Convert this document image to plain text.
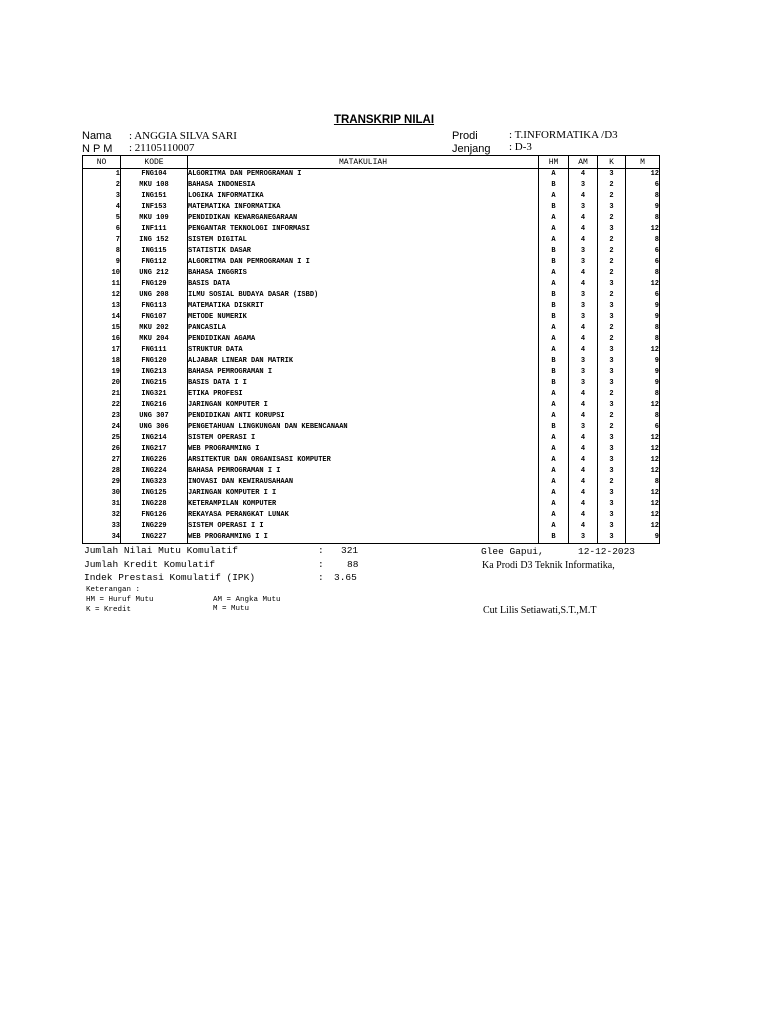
TRANSKRIP NILAI
Nama : ANGGIA SILVA SARI
N P M : 21105110007
Prodi	: T.INFORMATIKA /D3
Jenjang : D-3
NO	KODE	MATAKULIAH	HM	AM	K	M
1	FNG104	ALGORITMA DAN PEMROGRAMAN I	A	4	3	12
2	MKU 108	BAHASA INDONESIA	B	3	2	6
3	ING151	LOGIKA INFORMATIKA	A	4	2	8
4	INF153	MATEMATIKA INFORMATIKA	B	3	3	9
5	MKU 109	PENDIDIKAN KEWARGANEGARAAN	A	4	2	8
6	INF111	PENGANTAR TEKNOLOGI INFORMASI	A	4	3	12
7	ING 152	SISTEM DIGITAL	A	4	2	8
8	ING115	STATISTIK DASAR	B	3	2	6
9	FNG112	ALGORITMA DAN PEMROGRAMAN I I	B	3	2	6
10	UNG 212	BAHASA INGGRIS	A	4	2	8
11	FNG129	BASIS DATA	A	4	3	12
12	UNG 208	ILMU SOSIAL BUDAYA DASAR (ISBD)	B	3	2	6
13	FNG113	MATEMATIKA DISKRIT	B	3	3	9
14	FNG107	METODE NUMERIK	B	3	3	9
15	MKU 202	PANCASILA	A	4	2	8
16	MKU 204	PENDIDIKAN AGAMA	A	4	2	8
17	FNG111	STRUKTUR DATA	A	4	3	12
18	FNG120	ALJABAR LINEAR DAN MATRIK	B	3	3	9
19	ING213	BAHASA PEMROGRAMAN I	B	3	3	9
20	ING215	BASIS DATA I I	B	3	3	9
21	ING321	ETIKA PROFESI	A	4	2	8
22	ING216	JARINGAN KOMPUTER I	A	4	3	12
23	UNG 307	PENDIDIKAN ANTI KORUPSI	A	4	2	8
24	UNG 306	PENGETAHUAN LINGKUNGAN DAN KEBENCANAAN	B	3	2	6
25	ING214	SISTEM OPERASI I	A	4	3	12
26	ING217	WEB PROGRAMMING I	A	4	3	12
27	ING226	ARSITEKTUR DAN ORGANISASI KOMPUTER	A	4	3	12
28	ING224	BAHASA PEMROGRAMAN I I	A	4	3	12
29	ING323	INOVASI DAN KEWIRAUSAHAAN	A	4	2	8
30	ING125	JARINGAN KOMPUTER I I	A	4	3	12
31	ING228	KETERAMPILAN KOMPUTER	A	4	3	12
32	FNG126	REKAYASA PERANGKAT LUNAK	A	4	3	12
33	ING229	SISTEM OPERASI I I	A	4	3	12
34	ING227	WEB PROGRAMMING I I	B	3	3	9
Jumlah Nilai Mutu Komulatif	: 321
Jumlah Kredit Komulatif	: 88
Indek Prestasi Komulatif (IPK)	: 3.65
Glee Gapui,	12-12-2023
Ka Prodi D3 Teknik Informatika,
Cut Lilis Setiawati,S.T.,M.T
Keterangan :
HM = Huruf Mutu	AM = Angka Mutu
K = Kredit	M = Mutu
